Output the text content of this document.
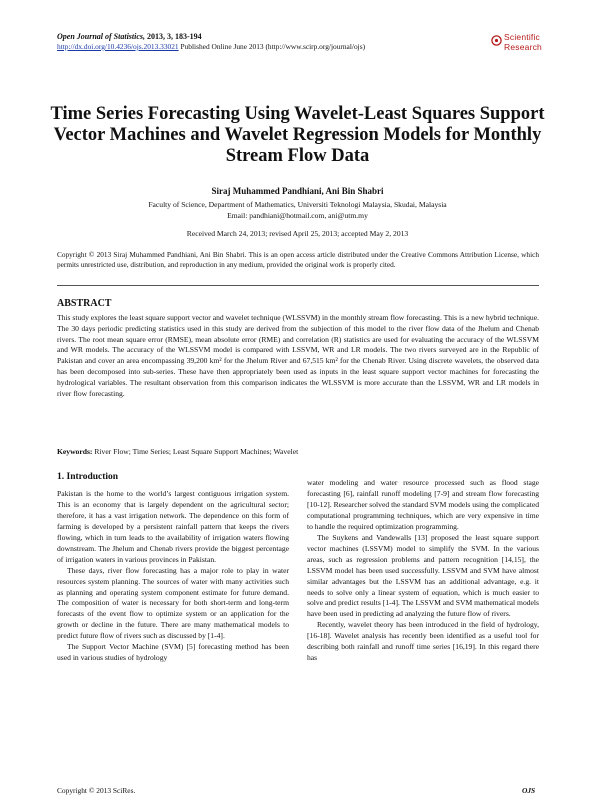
Open Journal of Statistics, 2013, 3, 183-194
http://dx.doi.org/10.4236/ojs.2013.33021 Published Online June 2013 (http://www.scirp.org/journal/ojs)
Scientific
Research
Time Series Forecasting Using Wavelet-Least Squares Support Vector Machines and Wavelet Regression Models for Monthly Stream Flow Data
Siraj Muhammed Pandhiani, Ani Bin Shabri
Faculty of Science, Department of Mathematics, Universiti Teknologi Malaysia, Skudai, Malaysia
Email: pandhiani@hotmail.com, ani@utm.my
Received March 24, 2013; revised April 25, 2013; accepted May 2, 2013
Copyright © 2013 Siraj Muhammed Pandhiani, Ani Bin Shabri. This is an open access article distributed under the Creative Commons Attribution License, which permits unrestricted use, distribution, and reproduction in any medium, provided the original work is properly cited.
ABSTRACT
This study explores the least square support vector and wavelet technique (WLSSVM) in the monthly stream flow forecasting. This is a new hybrid technique. The 30 days periodic predicting statistics used in this study are derived from the subjection of this model to the river flow data of the Jhelum and Chenab rivers. The root mean square error (RMSE), mean absolute error (RME) and correlation (R) statistics are used for evaluating the accuracy of the WLSSVM and WR models. The accuracy of the WLSSVM model is compared with LSSVM, WR and LR models. The two rivers surveyed are in the Republic of Pakistan and cover an area encompassing 39,200 km² for the Jhelum River and 67,515 km² for the Chenab River. Using discrete wavelets, the observed data has been decomposed into sub-series. These have then appropriately been used as inputs in the least square support vector machines for forecasting the hydrological variables. The resultant observation from this comparison indicates the WLSSVM is more accurate than the LSSVM, WR and LR models in river flow forecasting.
Keywords: River Flow; Time Series; Least Square Support Machines; Wavelet
1. Introduction

Pakistan is the home to the world’s largest contiguous irrigation system. This is an economy that is largely dependent on the agricultural sector; therefore, it has a vast irrigation network. The dependence on this form of farming is developed by a persistent rainfall pattern that keeps the rivers flowing, which in turn leads to the availability of irrigation waters flowing downstream. The Jhelum and Chenab rivers provide the biggest percentage of irrigation waters in various provinces in Pakistan.

These days, river flow forecasting has a major role to play in water resources system planning. The sources of water with many activities such as planning and operating system component estimate for future demand. The composition of water is necessary for both short-term and long-term forecasts of the event flow to optimize system or an application for the growth or decline in the future. There are many mathematical models to predict future flow of rivers such as discussed by [1-4].

The Support Vector Machine (SVM) [5] forecasting method has been used in various studies of hydrology

water modeling and water resource processed such as flood stage forecasting [6], rainfall runoff modeling [7-9] and stream flow forecasting [10-12]. Researcher solved the standard SVM models using the complicated computational programming techniques, which are very expensive in time to handle the required optimization programming.

The Suykens and Vandewalls [13] proposed the least square support vector machines (LSSVM) model to simplify the SVM. In the various areas, such as regression problems and pattern recognition [14,15], the LSSVM model has been used successfully. LSSVM and SVM have almost similar advantages but the LSSVM has an additional advantage, e.g. it needs to solve only a linear system of equation, which is much easier to solve and predict results [1-4]. The LSSVM and SVM mathematical models have been used in predicting ad analyzing the future flow of rivers.

Recently, wavelet theory has been introduced in the field of hydrology, [16-18]. Wavelet analysis has recently been identified as a useful tool for describing both rainfall and runoff time series [16,19]. In this regard there has

Copyright © 2013 SciRes.	OJS
